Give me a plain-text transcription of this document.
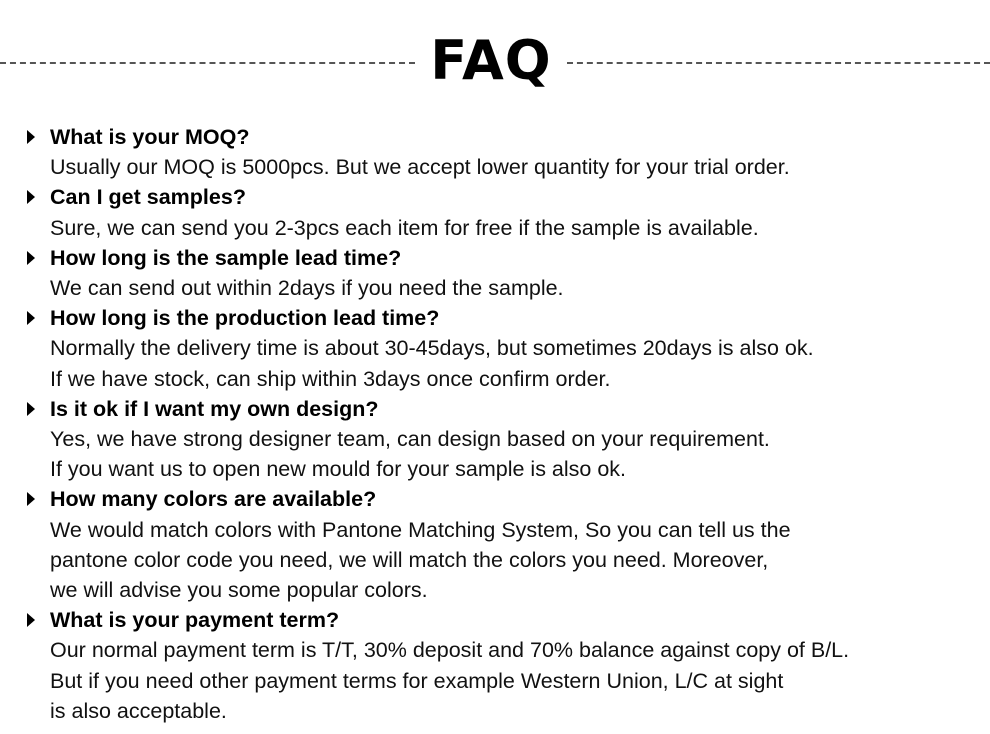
FAQ
What is your MOQ?
Usually our MOQ is 5000pcs. But we accept lower quantity for your trial order.
Can I get samples?
Sure, we can send you 2-3pcs each item for free if the sample is available.
How long is the sample lead time?
We can send out within 2days if you need the sample.
How long is the production lead time?
Normally the delivery time is about 30-45days, but sometimes 20days is also ok.
If we have stock, can ship within 3days once confirm order.
Is it ok if I want my own design?
Yes, we have strong designer team, can design based on your requirement.
If you want us to open new mould for your sample is also ok.
How many colors are available?
We would match colors with Pantone Matching System, So you can tell us the
pantone color code you need, we will match the colors you need. Moreover,
we will advise you some popular colors.
What is your payment term?
Our normal payment term is T/T, 30% deposit and 70% balance against copy of B/L.
But if you need other payment terms for example Western Union, L/C at sight
is also acceptable.
